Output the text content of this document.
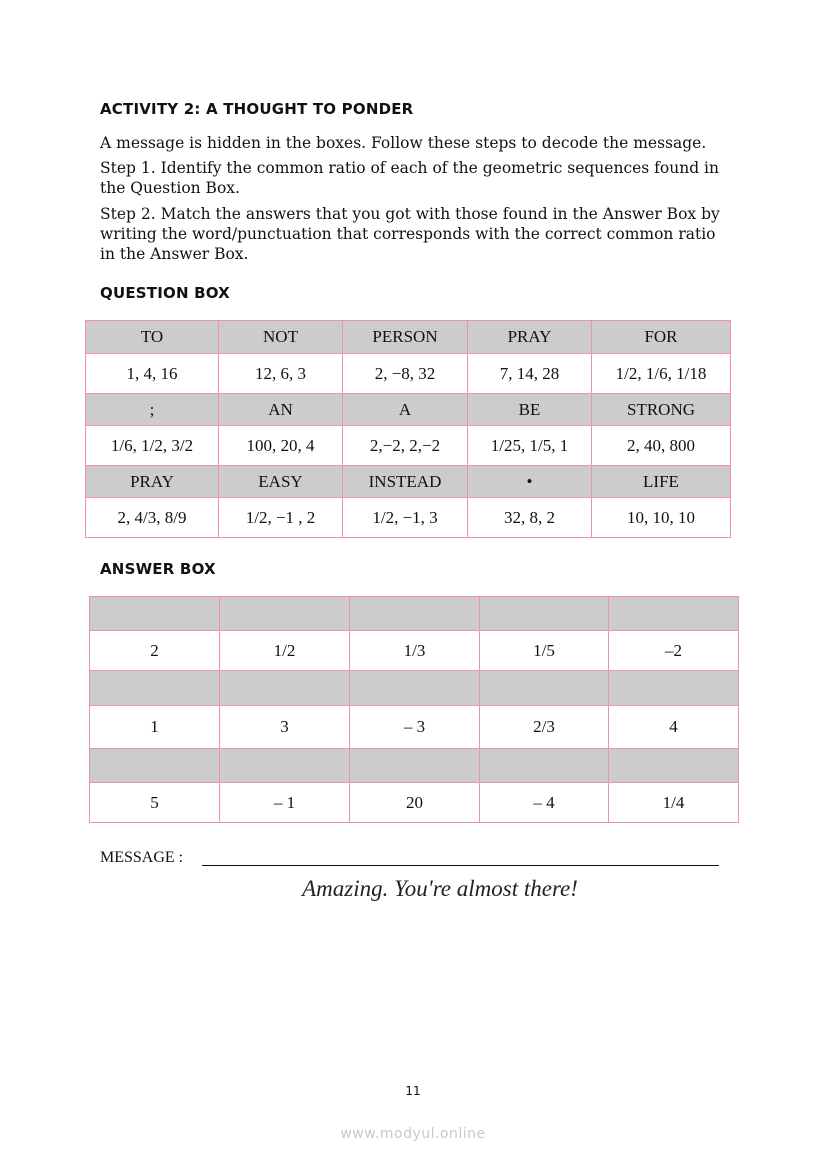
ACTIVITY 2: A THOUGHT TO PONDER
A message is hidden in the boxes. Follow these steps to decode the message.
Step 1. Identify the common ratio of each of the geometric sequences found in the Question Box.
Step 2. Match the answers that you got with those found in the Answer Box by writing the word/punctuation that corresponds with the correct common ratio in the Answer Box.
QUESTION BOX
TO	NOT	PERSON	PRAY	FOR
1, 4, 16	12, 6, 3	2, −8, 32	7, 14, 28	1/2, 1/6, 1/18
;	AN	A	BE	STRONG
1/6, 1/2, 3/2	100, 20, 4	2,−2, 2,−2	1/25, 1/5, 1	2, 40, 800
PRAY	EASY	INSTEAD	•	LIFE
2, 4/3, 8/9	1/2, −1 , 2	1/2, −1, 3	32, 8, 2	10, 10, 10
ANSWER BOX

2	1/2	1/3	1/5	–2

1	3	– 3	2/3	4

5	– 1	20	– 4	1/4
MESSAGE :
Amazing. You're almost there!
11
www.modyul.online
